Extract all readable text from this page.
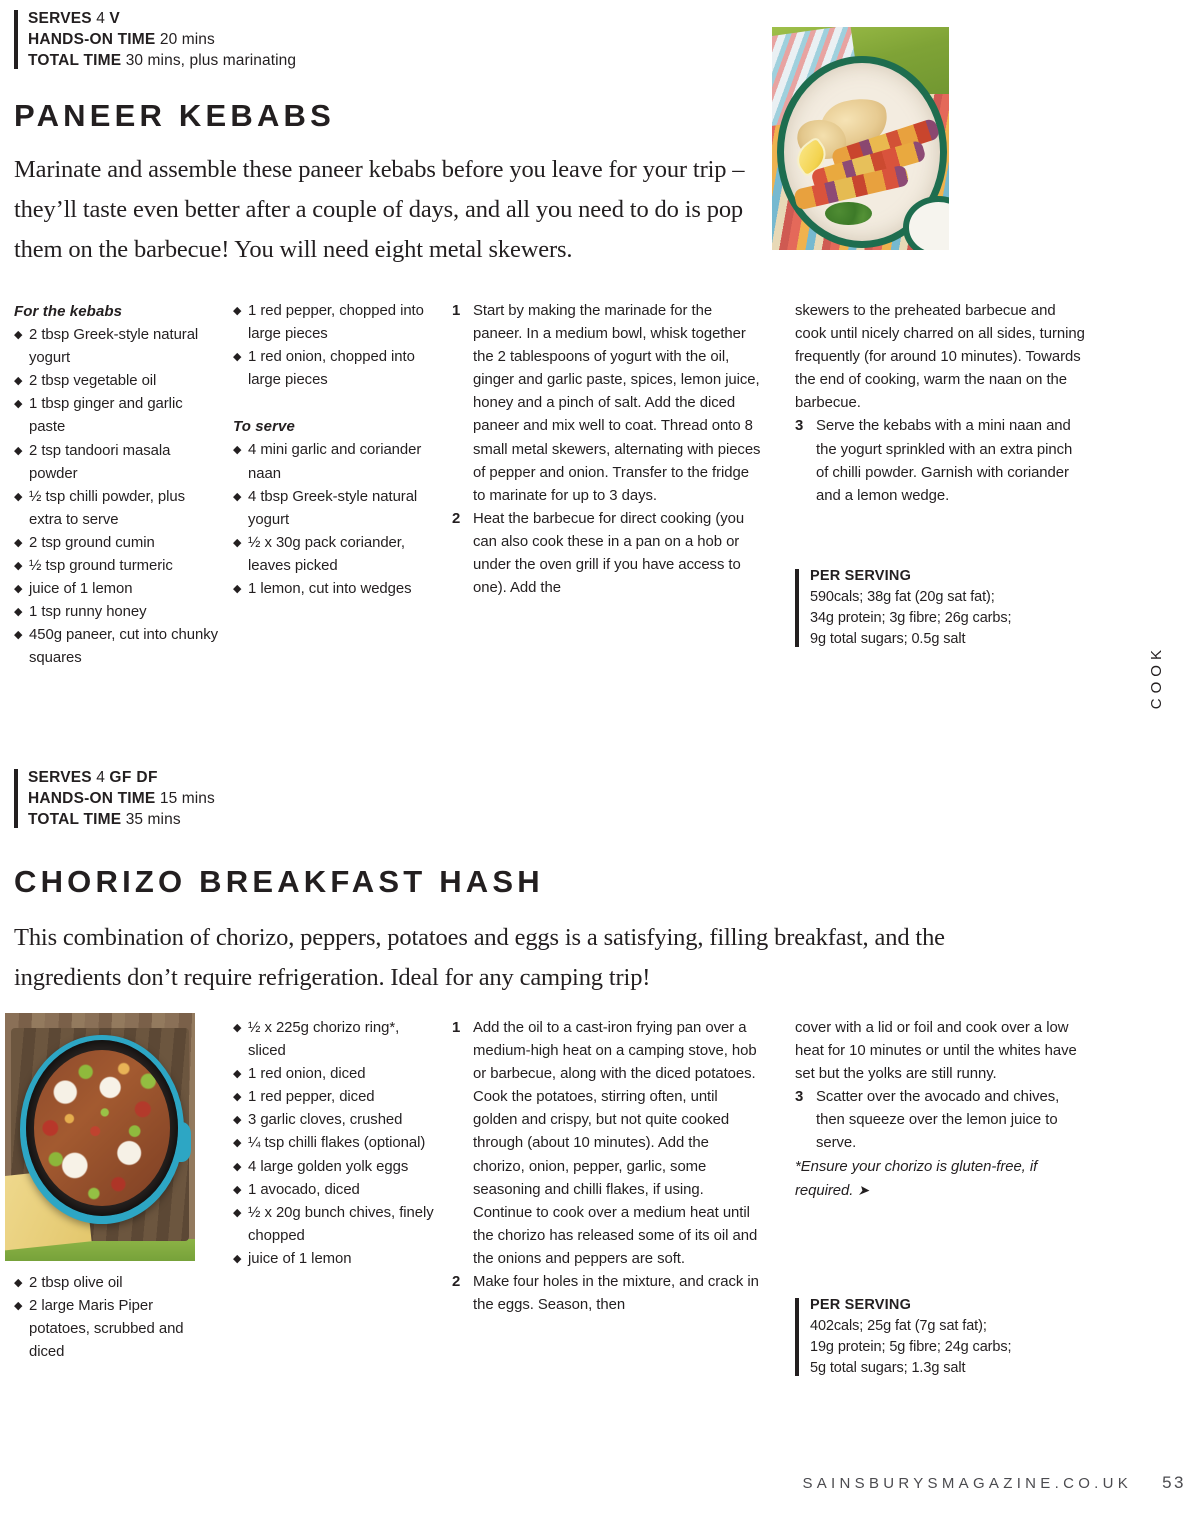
SERVES 4 V
HANDS-ON TIME 20 mins
TOTAL TIME 30 mins, plus marinating
PANEER KEBABS

Marinate and assemble these paneer kebabs before you leave for your trip – they’ll taste even better after a couple of days, and all you need to do is pop them on the barbecue! You will need eight metal skewers.

For the kebabs
◆ 2 tbsp Greek-style natural yogurt
◆ 2 tbsp vegetable oil
◆ 1 tbsp ginger and garlic paste
◆ 2 tsp tandoori masala powder
◆ ½ tsp chilli powder, plus extra to serve
◆ 2 tsp ground cumin
◆ ½ tsp ground turmeric
◆ juice of 1 lemon
◆ 1 tsp runny honey
◆ 450g paneer, cut into chunky squares
◆ 1 red pepper, chopped into large pieces
◆ 1 red onion, chopped into large pieces
To serve
◆ 4 mini garlic and coriander naan
◆ 4 tbsp Greek-style natural yogurt
◆ ½ x 30g pack coriander, leaves picked
◆ 1 lemon, cut into wedges
1 Start by making the marinade for the paneer. In a medium bowl, whisk together the 2 tablespoons of yogurt with the oil, ginger and garlic paste, spices, lemon juice, honey and a pinch of salt. Add the diced paneer and mix well to coat. Thread onto 8 small metal skewers, alternating with pieces of pepper and onion. Transfer to the fridge to marinate for up to 3 days.
2 Heat the barbecue for direct cooking (you can also cook these in a pan on a hob or under the oven grill if you have access to one). Add the
skewers to the preheated barbecue and cook until nicely charred on all sides, turning frequently (for around 10 minutes). Towards the end of cooking, warm the naan on the barbecue.
3 Serve the kebabs with a mini naan and the yogurt sprinkled with an extra pinch of chilli powder. Garnish with coriander and a lemon wedge.
PER SERVING
590cals; 38g fat (20g sat fat);
34g protein; 3g fibre; 26g carbs;
9g total sugars; 0.5g salt
COOK
SERVES 4 GF DF
HANDS-ON TIME 15 mins
TOTAL TIME 35 mins
CHORIZO BREAKFAST HASH

This combination of chorizo, peppers, potatoes and eggs is a satisfying, filling breakfast, and the ingredients don’t require refrigeration. Ideal for any camping trip!

◆ 2 tbsp olive oil
◆ 2 large Maris Piper potatoes, scrubbed and diced
◆ ½ x 225g chorizo ring*, sliced
◆ 1 red onion, diced
◆ 1 red pepper, diced
◆ 3 garlic cloves, crushed
◆ ¼ tsp chilli flakes (optional)
◆ 4 large golden yolk eggs
◆ 1 avocado, diced
◆ ½ x 20g bunch chives, finely chopped
◆ juice of 1 lemon
1 Add the oil to a cast-iron frying pan over a medium-high heat on a camping stove, hob or barbecue, along with the diced potatoes. Cook the potatoes, stirring often, until golden and crispy, but not quite cooked through (about 10 minutes). Add the chorizo, onion, pepper, garlic, some seasoning and chilli flakes, if using. Continue to cook over a medium heat until the chorizo has released some of its oil and the onions and peppers are soft.
2 Make four holes in the mixture, and crack in the eggs. Season, then
cover with a lid or foil and cook over a low heat for 10 minutes or until the whites have set but the yolks are still runny.
3 Scatter over the avocado and chives, then squeeze over the lemon juice to serve.
*Ensure your chorizo is gluten-free, if required. ➤
PER SERVING
402cals; 25g fat (7g sat fat);
19g protein; 5g fibre; 24g carbs;
5g total sugars; 1.3g salt
SAINSBURYSMAGAZINE.CO.UK 53
